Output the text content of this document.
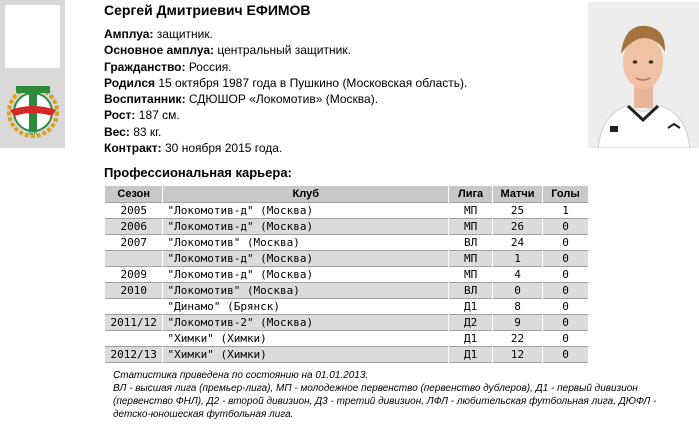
ФК
Сергей Дмитриевич ЕФИМОВ
Амплуа: защитник.
Основное амплуа: центральный защитник.
Гражданство: Россия.
Родился 15 октября 1987 года в Пушкино (Московская область).
Воспитанник: СДЮШОР «Локомотив» (Москва).
Рост: 187 см.
Вес: 83 кг.
Контракт: 30 ноября 2015 года.
Профессиональная карьера:
Сезон	Клуб	Лига	Матчи	Голы
2005	"Локомотив-д" (Москва)	МП	25	1
2006	"Локомотив-д" (Москва)	МП	26	0
2007	"Локомотив" (Москва)	ВЛ	24	0
	"Локомотив-д" (Москва)	МП	1	0
2009	"Локомотив-д" (Москва)	МП	4	0
2010	"Локомотив" (Москва)	ВЛ	0	0
	"Динамо" (Брянск)	Д1	8	0
2011/12	"Локомотив-2" (Москва)	Д2	9	0
	"Химки" (Химки)	Д1	22	0
2012/13	"Химки" (Химки)	Д1	12	0
Статистика приведена по состоянию на 01.01.2013.
ВЛ - высшая лига (премьер-лига), МП - молодежное первенство (первенство дублеров), Д1 - первый дивизион (первенство ФНЛ), Д2 - второй дивизион, Д3 - третий дивизион, ЛФЛ - любительская футбольная лига, ДЮФЛ - детско-юношеская футбольная лига.
